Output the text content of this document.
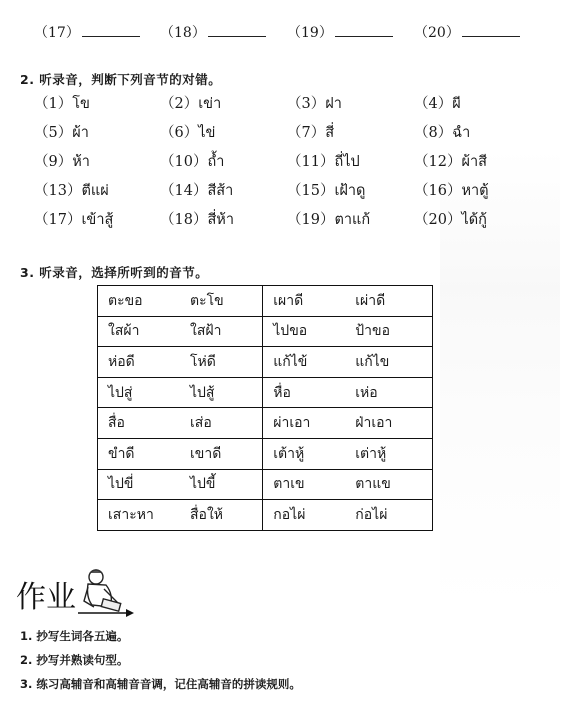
（17）	（18）	（19）	（20）
2. 听录音，判断下列音节的对错。
（1）โข	（2）เข่า	（3）ฝา	（4）ผี
（5）ผ้า	（6）ไข่	（7）สี่	（8）ฉำ
（9）ห้า	（10）ถ้ำ	（11）ถี่ไป	（12）ผ้าสี
（13）ตีแผ่	（14）สีส้า	（15）เฝ้าดู	（16）หาตู้
（17）เข้าสู้	（18）สี่ห้า	（19）ตาแก้	（20）ได้กู้
3. 听录音，选择所听到的音节。
ตะขอ ตะโข	เผาดี เผ่าดี
ใสผ้า ใสฝ้า	ไปขอ ป้าขอ
ห่อดี โห่ดี	แก้ไข้ แก้ไข
ไปสู่ ไปสู้	หื่อ เห่อ
สื่อ เส่อ	ผ่าเอา ฝ่าเอา
ขำดี เขาดี	เต้าหู้ เต่าหู้
ไปขี่ ไปขี้	ตาเข ตาแข
เสาะหา สื่อให้	กอไผ่ ก่อไผ่
作业
1. 抄写生词各五遍。
2. 抄写并熟读句型。
3. 练习高辅音和高辅音音调，记住高辅音的拼读规则。
